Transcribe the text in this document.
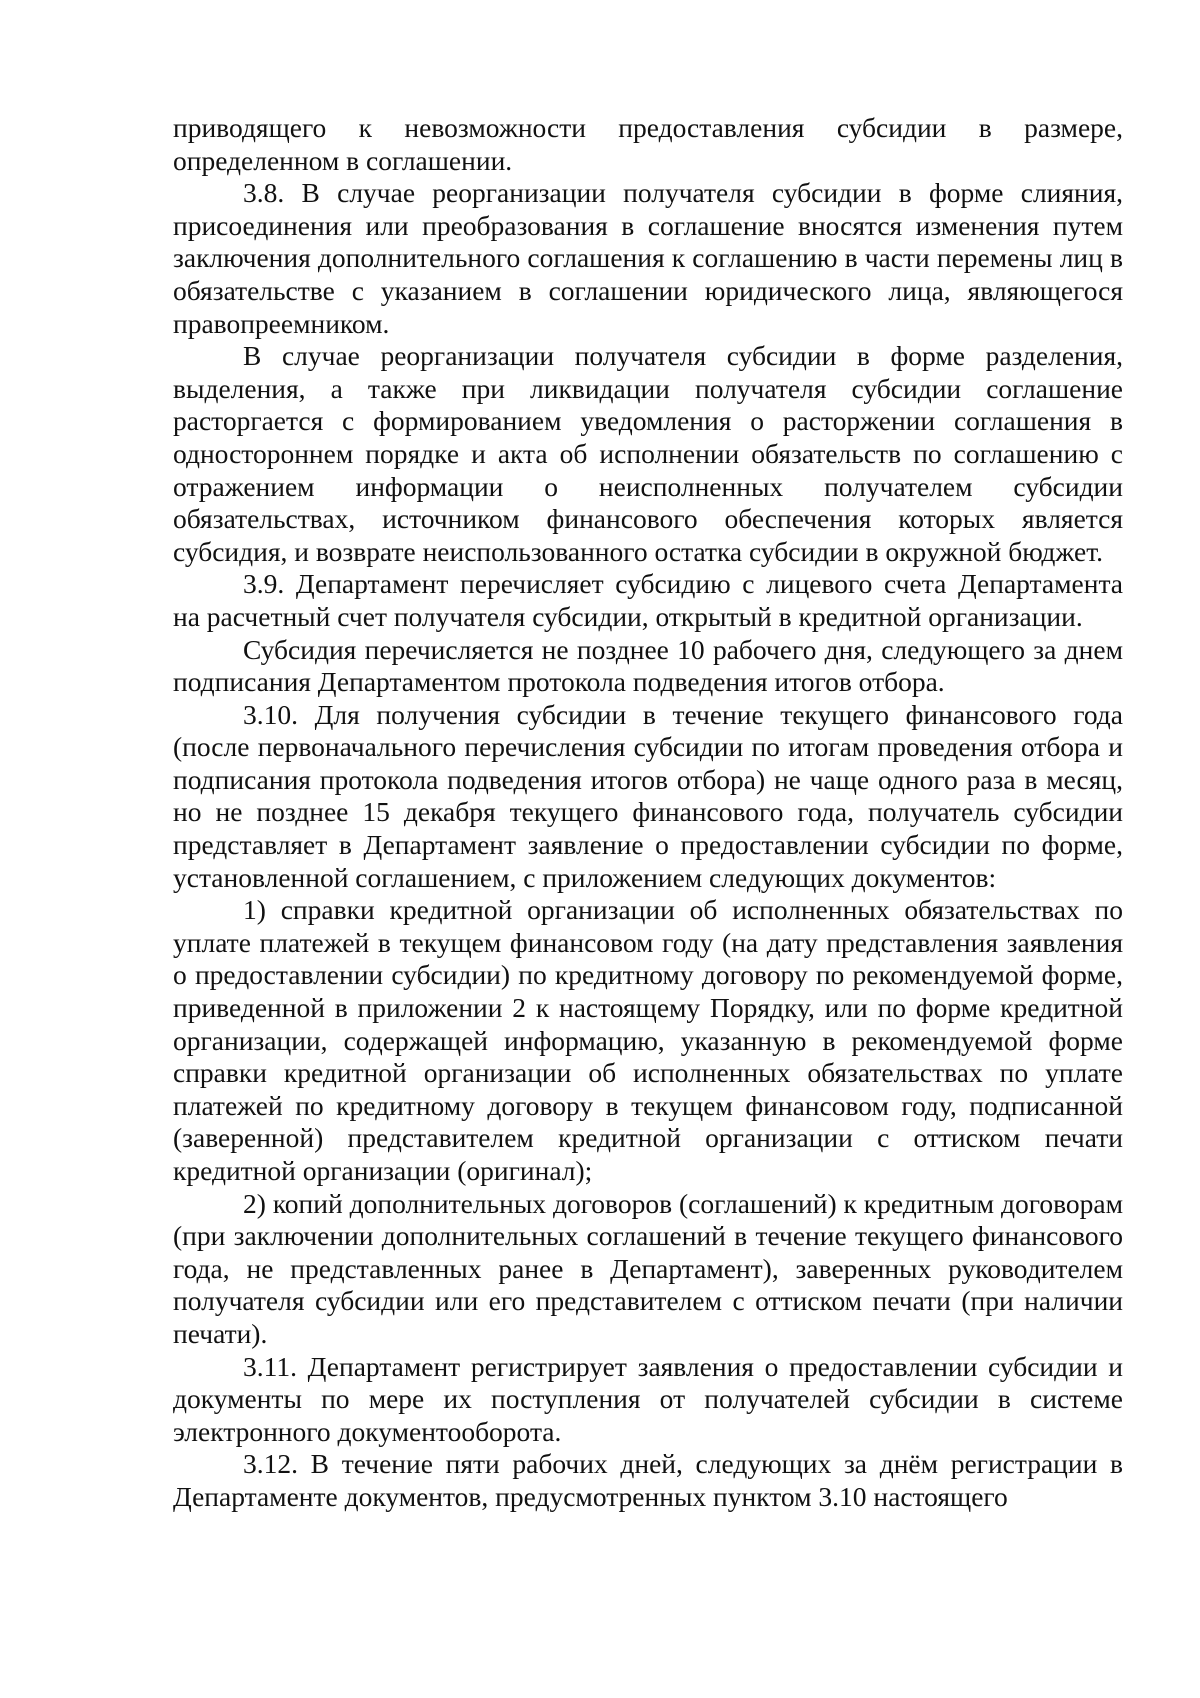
приводящего к невозможности предоставления субсидии в размере, определенном в соглашении.

3.8. В случае реорганизации получателя субсидии в форме слияния, присоединения или преобразования в соглашение вносятся изменения путем заключения дополнительного соглашения к соглашению в части перемены лиц в обязательстве с указанием в соглашении юридического лица, являющегося правопреемником.

В случае реорганизации получателя субсидии в форме разделения, выделения, а также при ликвидации получателя субсидии соглашение расторгается с формированием уведомления о расторжении соглашения в одностороннем порядке и акта об исполнении обязательств по соглашению с отражением информации о неисполненных получателем субсидии обязательствах, источником финансового обеспечения которых является субсидия, и возврате неиспользованного остатка субсидии в окружной бюджет.

3.9. Департамент перечисляет субсидию с лицевого счета Департамента на расчетный счет получателя субсидии, открытый в кредитной организации.

Субсидия перечисляется не позднее 10 рабочего дня, следующего за днем подписания Департаментом протокола подведения итогов отбора.

3.10. Для получения субсидии в течение текущего финансового года (после первоначального перечисления субсидии по итогам проведения отбора и подписания протокола подведения итогов отбора) не чаще одного раза в месяц, но не позднее 15 декабря текущего финансового года, получатель субсидии представляет в Департамент заявление о предоставлении субсидии по форме, установленной соглашением, с приложением следующих документов:

1) справки кредитной организации об исполненных обязательствах по уплате платежей в текущем финансовом году (на дату представления заявления о предоставлении субсидии) по кредитному договору по рекомендуемой форме, приведенной в приложении 2 к настоящему Порядку, или по форме кредитной организации, содержащей информацию, указанную в рекомендуемой форме справки кредитной организации об исполненных обязательствах по уплате платежей по кредитному договору в текущем финансовом году, подписанной (заверенной) представителем кредитной организации с оттиском печати кредитной организации (оригинал);

2) копий дополнительных договоров (соглашений) к кредитным договорам (при заключении дополнительных соглашений в течение текущего финансового года, не представленных ранее в Департамент), заверенных руководителем получателя субсидии или его представителем с оттиском печати (при наличии печати).

3.11. Департамент регистрирует заявления о предоставлении субсидии и документы по мере их поступления от получателей субсидии в системе электронного документооборота.

3.12. В течение пяти рабочих дней, следующих за днём регистрации в Департаменте документов, предусмотренных пунктом 3.10 настоящего
